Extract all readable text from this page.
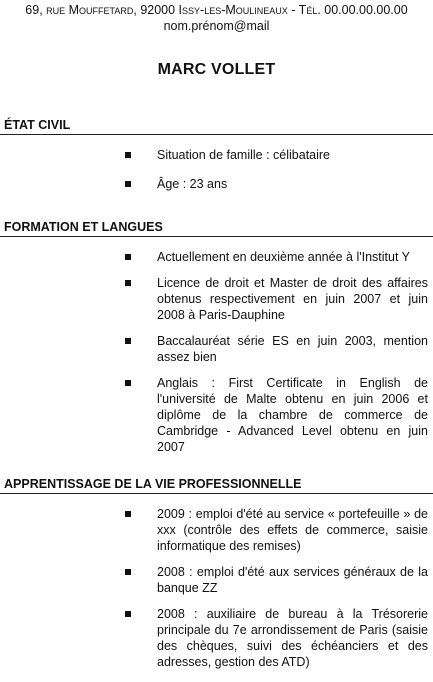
69, rue Mouffetard, 92000 Issy-les-Moulineaux - Tél. 00.00.00.00.00
nom.prénom@mail
MARC VOLLET
ÉTAT CIVIL
Situation de famille : célibataire
Âge : 23 ans
FORMATION ET LANGUES
Actuellement en deuxième année à l'Institut Y
Licence de droit et Master de droit des affaires obtenus respectivement en juin 2007 et juin 2008 à Paris-Dauphine
Baccalauréat série ES en juin 2003, mention assez bien
Anglais : First Certificate in English de l'université de Malte obtenu en juin 2006 et diplôme de la chambre de commerce de Cambridge - Advanced Level obtenu en juin 2007
APPRENTISSAGE DE LA VIE PROFESSIONNELLE
2009 : emploi d'été au service « portefeuille » de xxx (contrôle des effets de commerce, saisie informatique des remises)
2008 : emploi d'été aux services généraux de la banque ZZ
2008 : auxiliaire de bureau à la Trésorerie principale du 7e arrondissement de Paris (saisie des chèques, suivi des échéanciers et des adresses, gestion des ATD)
